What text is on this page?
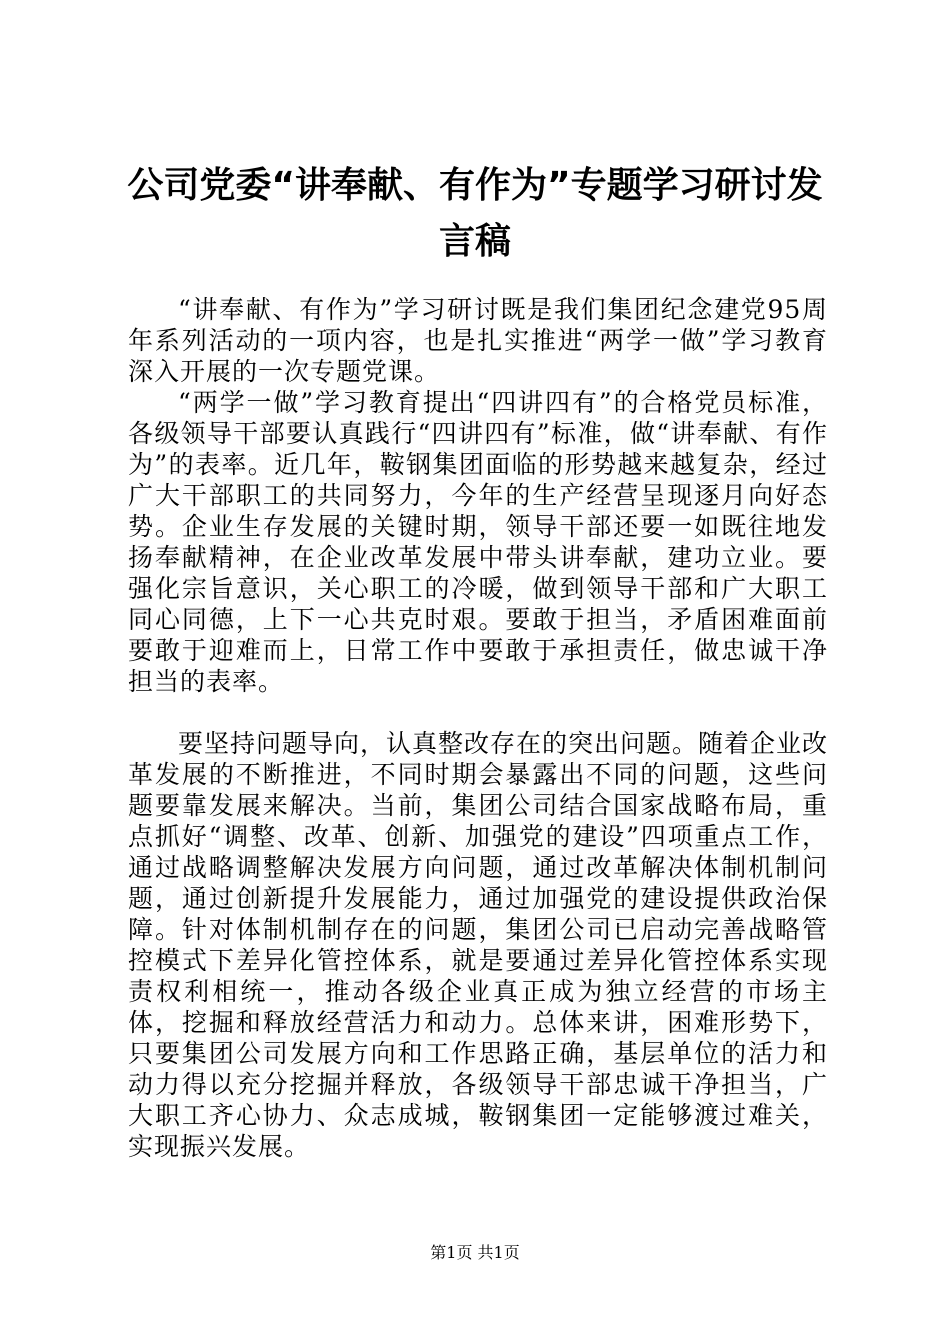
公司党委“讲奉献、有作为”专题学习研讨发言稿

“讲奉献、有作为”学习研讨既是我们集团纪念建党95周年系列活动的一项内容，也是扎实推进“两学一做”学习教育深入开展的一次专题党课。

“两学一做”学习教育提出“四讲四有”的合格党员标准，各级领导干部要认真践行“四讲四有”标准，做“讲奉献、有作为”的表率。近几年，鞍钢集团面临的形势越来越复杂，经过广大干部职工的共同努力，今年的生产经营呈现逐月向好态势。企业生存发展的关键时期，领导干部还要一如既往地发扬奉献精神，在企业改革发展中带头讲奉献，建功立业。要强化宗旨意识，关心职工的冷暖，做到领导干部和广大职工同心同德，上下一心共克时艰。要敢于担当，矛盾困难面前要敢于迎难而上，日常工作中要敢于承担责任，做忠诚干净担当的表率。

要坚持问题导向，认真整改存在的突出问题。随着企业改革发展的不断推进，不同时期会暴露出不同的问题，这些问题要靠发展来解决。当前，集团公司结合国家战略布局，重点抓好“调整、改革、创新、加强党的建设”四项重点工作，通过战略调整解决发展方向问题，通过改革解决体制机制问题，通过创新提升发展能力，通过加强党的建设提供政治保障。针对体制机制存在的问题，集团公司已启动完善战略管控模式下差异化管控体系，就是要通过差异化管控体系实现责权利相统一，推动各级企业真正成为独立经营的市场主体，挖掘和释放经营活力和动力。总体来讲，困难形势下，只要集团公司发展方向和工作思路正确，基层单位的活力和动力得以充分挖掘并释放，各级领导干部忠诚干净担当，广大职工齐心协力、众志成城，鞍钢集团一定能够渡过难关，实现振兴发展。

第1页 共1页
